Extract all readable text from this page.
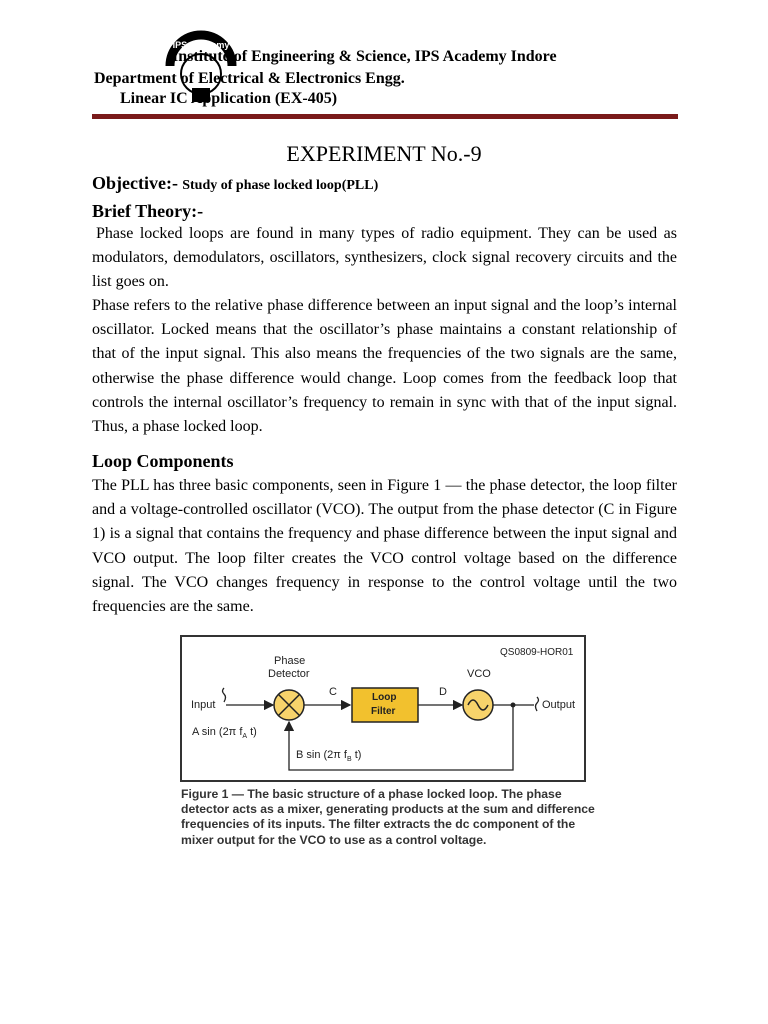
IPS Academy
Institute of Engineering & Science, IPS Academy Indore
Department of Electrical & Electronics Engg.
Linear IC Application (EX-405)
EXPERIMENT No.-9
Objective:- Study of phase locked loop(PLL)
Brief Theory:-
Phase locked loops are found in many types of radio equipment. They can be used as modulators, demodulators, oscillators, synthesizers, clock signal recovery circuits and the list goes on.
Phase refers to the relative phase difference between an input signal and the loop’s internal oscillator. Locked means that the oscillator’s phase maintains a constant relationship of that of the input signal. This also means the frequencies of the two signals are the same, otherwise the phase difference would change. Loop comes from the feedback loop that controls the internal oscillator’s frequency to remain in sync with that of the input signal. Thus, a phase locked loop.
Loop Components
The PLL has three basic components, seen in Figure 1 — the phase detector, the loop filter and a voltage-controlled oscillator (VCO). The output from the phase detector (C in Figure 1) is a signal that contains the frequency and phase difference between the input signal and VCO output. The loop filter creates the VCO control voltage based on the difference signal. The VCO changes frequency in response to the control voltage until the two frequencies are the same.
QS0809-HOR01
Phase
Detector
Input
A sin (2π $f_A$ t)
C	Loop
Filter
D
VCO
Output
B sin (2π $f_B$ t)
Figure 1 — The basic structure of a phase locked loop. The phase detector acts as a mixer, generating products at the sum and difference frequencies of its inputs. The filter extracts the dc component of the mixer output for the VCO to use as a control voltage.
